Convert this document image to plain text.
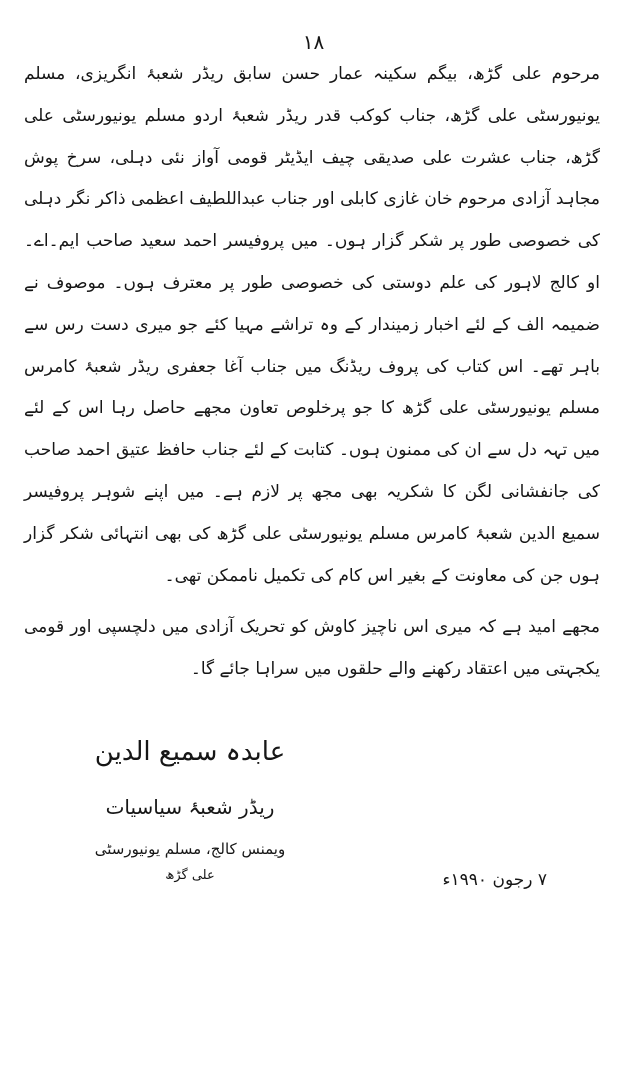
۱۸

مرحوم علی گڑھ، بیگم سکینہ عمار حسن سابق ریڈر شعبۂ انگریزی، مسلم یونیورسٹی علی گڑھ، جناب کوکب قدر ریڈر شعبۂ اردو مسلم یونیورسٹی علی گڑھ، جناب عشرت علی صدیقی چیف ایڈیٹر قومی آواز نئی دہلی، سرخ پوش مجاہد آزادی مرحوم خان غازی کابلی اور جناب عبداللطیف اعظمی ذاکر نگر دہلی کی خصوصی طور پر شکر گزار ہوں۔ میں پروفیسر احمد سعید صاحب ایم۔اے۔ او کالج لاہور کی علم دوستی کی خصوصی طور پر معترف ہوں۔ موصوف نے ضمیمہ الف کے لئے اخبار زمیندار کے وہ تراشے مہیا کئے جو میری دست رس سے باہر تھے۔ اس کتاب کی پروف ریڈنگ میں جناب آغا جعفری ریڈر شعبۂ کامرس مسلم یونیورسٹی علی گڑھ کا جو پرخلوص تعاون مجھے حاصل رہا اس کے لئے میں تہہ دل سے ان کی ممنون ہوں۔ کتابت کے لئے جناب حافظ عتیق احمد صاحب کی جانفشانی لگن کا شکریہ بھی مجھ پر لازم ہے۔ میں اپنے شوہر پروفیسر سمیع الدین شعبۂ کامرس مسلم یونیورسٹی علی گڑھ کی بھی انتہائی شکر گزار ہوں جن کی معاونت کے بغیر اس کام کی تکمیل ناممکن تھی۔

مجھے امید ہے کہ میری اس ناچیز کاوش کو تحریک آزادی میں دلچسپی اور قومی یکجہتی میں اعتقاد رکھنے والے حلقوں میں سراہا جائے گا۔

عابدہ سمیع الدین
ریڈر شعبۂ سیاسیات
ویمنس کالج، مسلم یونیورسٹی
علی گڑھ	۷ رجون ۱۹۹۰ء
